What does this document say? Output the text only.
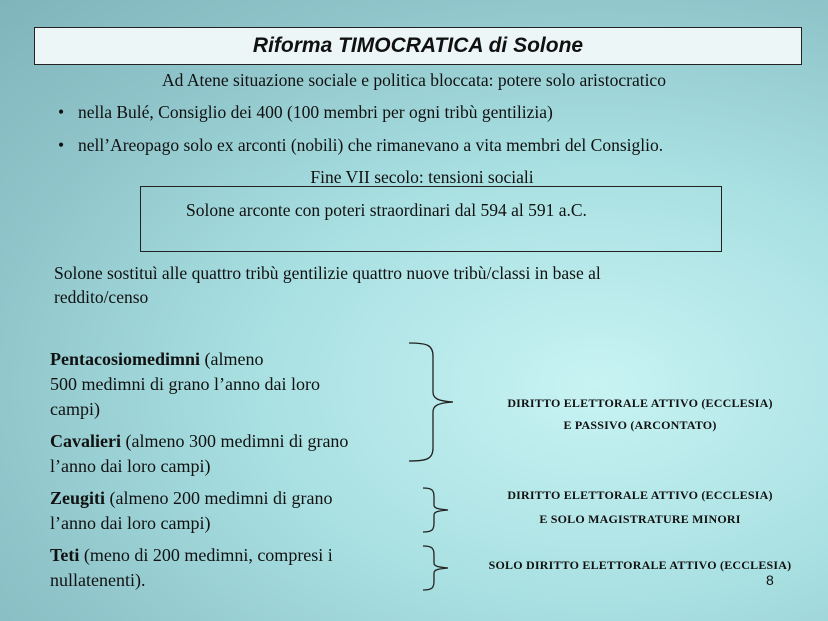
Riforma TIMOCRATICA di Solone
Ad Atene situazione sociale e politica bloccata: potere solo aristocratico
• nella Bulé, Consiglio dei 400 (100 membri per ogni tribù gentilizia)
• nell’Areopago solo ex arconti (nobili) che rimanevano a vita membri del Consiglio.
Fine VII secolo: tensioni sociali
Solone arconte con poteri straordinari dal 594 al 591 a.C.
Solone sostituì alle quattro tribù gentilizie quattro nuove tribù/classi in base al
reddito/censo
Pentacosiomedimni (almeno
500 medimni di grano l’anno dai loro
campi)
Cavalieri (almeno 300 medimni di grano
l’anno dai loro campi)
Zeugiti (almeno 200 medimni di grano
l’anno dai loro campi)
Teti (meno di 200 medimni, compresi i
nullatenenti).
DIRITTO ELETTORALE ATTIVO (ECCLESIA)
E PASSIVO (ARCONTATO)
DIRITTO ELETTORALE ATTIVO (ECCLESIA)
E SOLO MAGISTRATURE MINORI
SOLO DIRITTO ELETTORALE ATTIVO (ECCLESIA)
8
